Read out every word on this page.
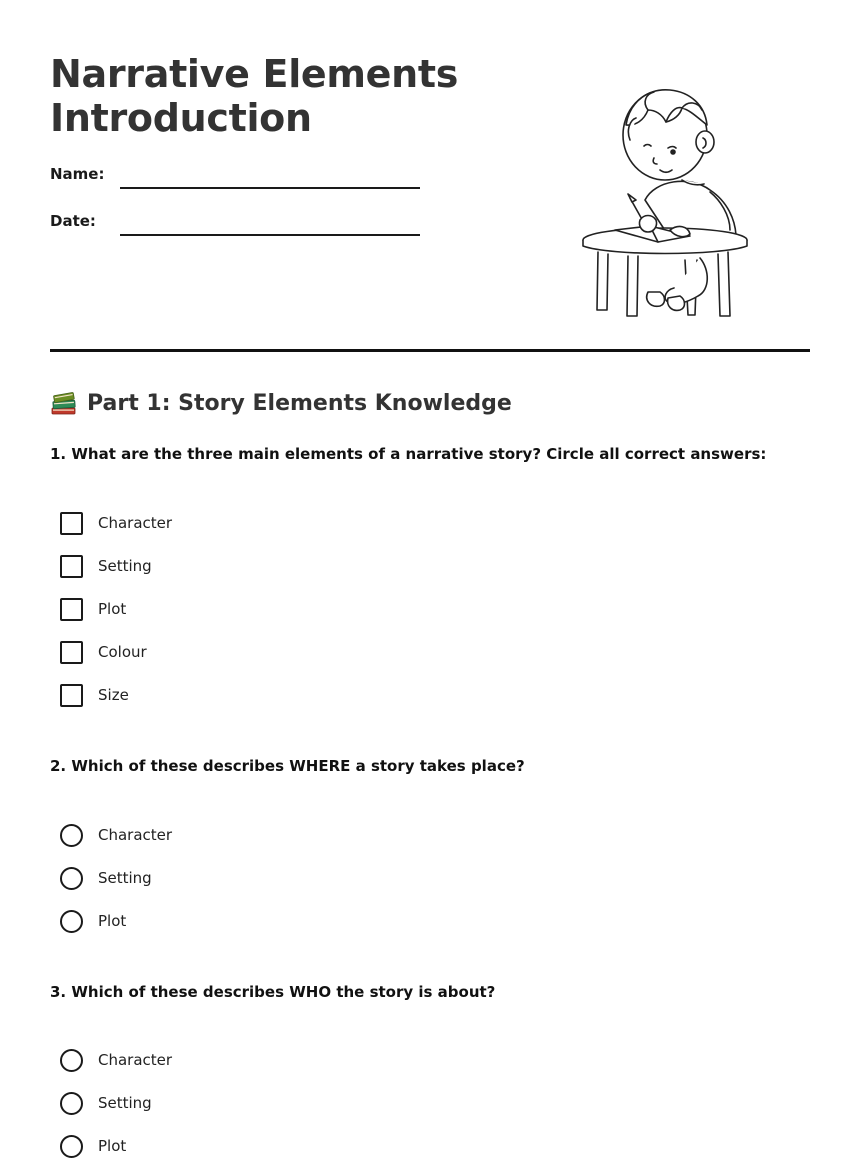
Narrative Elements
Introduction
Name:
Date:
Part 1: Story Elements Knowledge
1. What are the three main elements of a narrative story? Circle all correct answers:
Character
Setting
Plot
Colour
Size
2. Which of these describes WHERE a story takes place?
Character
Setting
Plot
3. Which of these describes WHO the story is about?
Character
Setting
Plot
